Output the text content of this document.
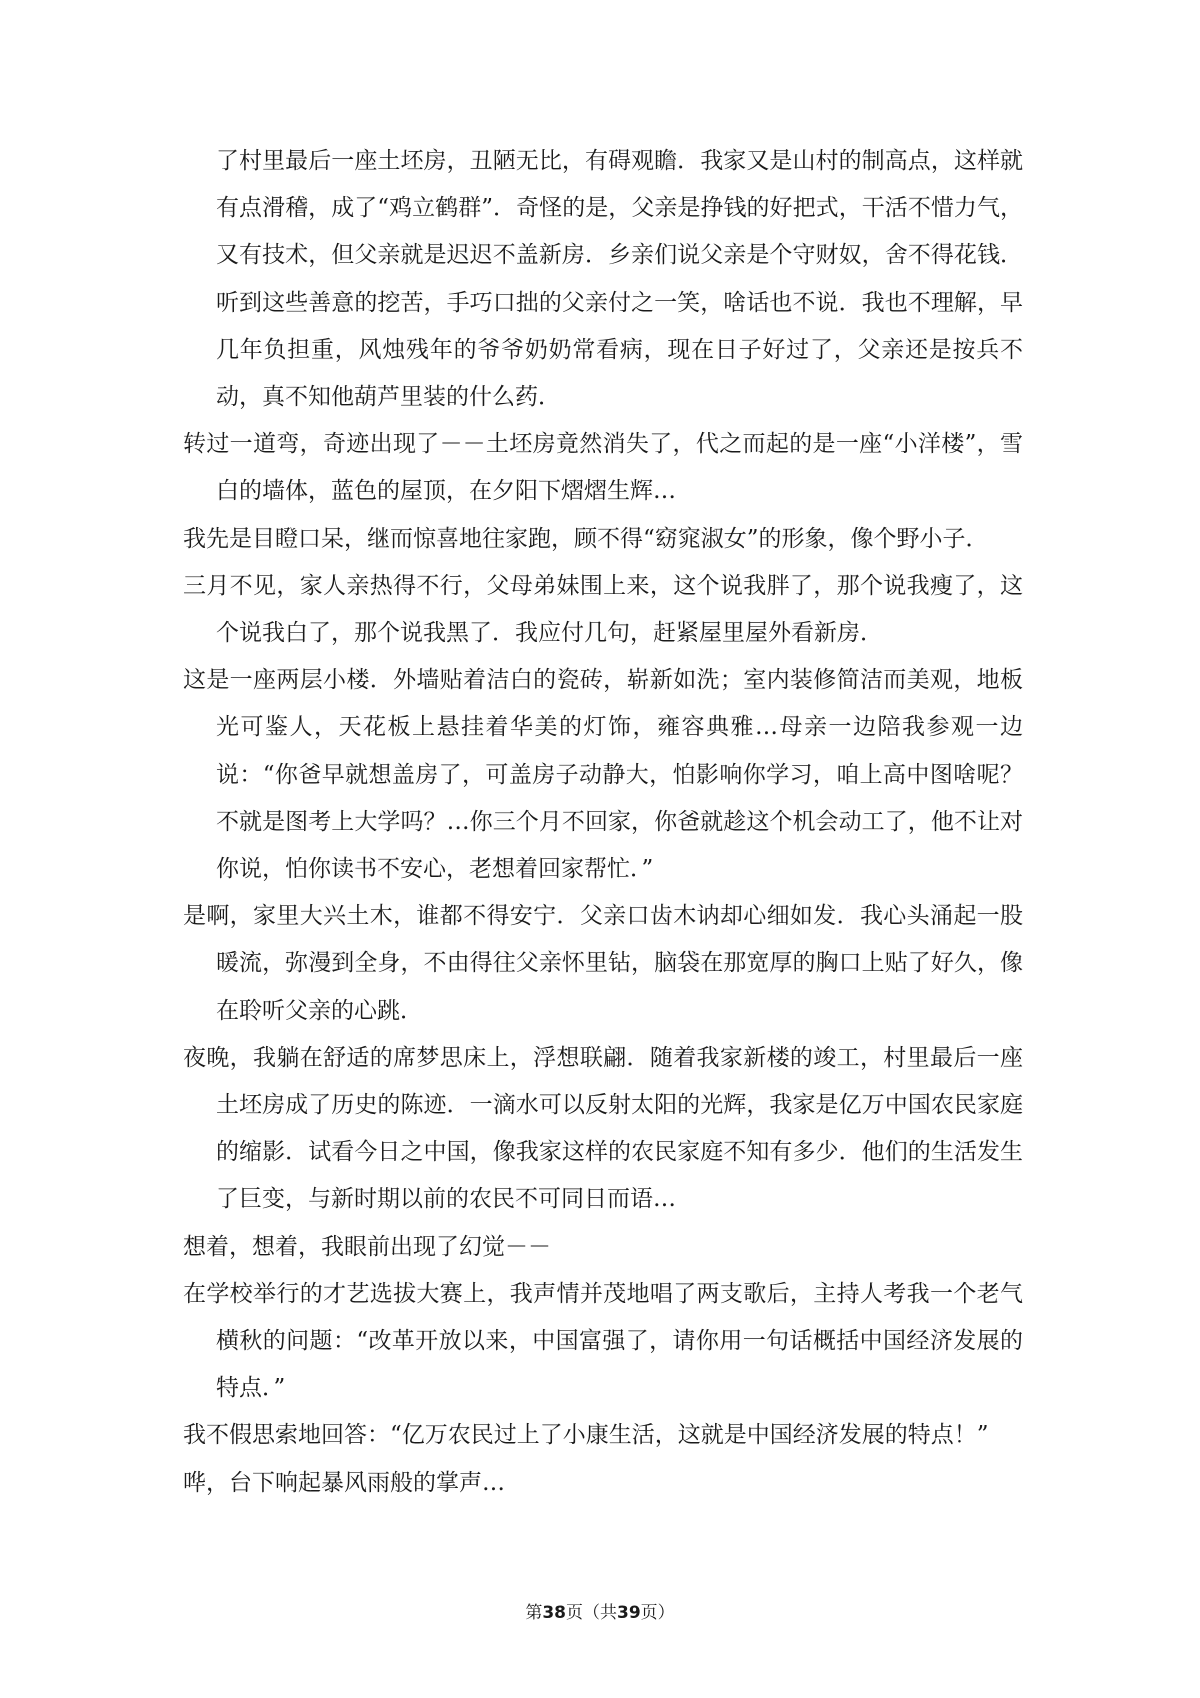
了村里最后一座土坯房，丑陋无比，有碍观瞻．我家又是山村的制高点，这样就有点滑稽，成了“鸡立鹤群”．奇怪的是，父亲是挣钱的好把式，干活不惜力气，又有技术，但父亲就是迟迟不盖新房．乡亲们说父亲是个守财奴，舍不得花钱．听到这些善意的挖苦，手巧口拙的父亲付之一笑，啥话也不说．我也不理解，早几年负担重，风烛残年的爷爷奶奶常看病，现在日子好过了，父亲还是按兵不动，真不知他葫芦里装的什么药．

转过一道弯，奇迹出现了－－土坯房竟然消失了，代之而起的是一座“小洋楼”，雪白的墙体，蓝色的屋顶，在夕阳下熠熠生辉…

我先是目瞪口呆，继而惊喜地往家跑，顾不得“窈窕淑女”的形象，像个野小子．

三月不见，家人亲热得不行，父母弟妹围上来，这个说我胖了，那个说我瘦了，这个说我白了，那个说我黑了．我应付几句，赶紧屋里屋外看新房．

这是一座两层小楼．外墙贴着洁白的瓷砖，崭新如洗；室内装修简洁而美观，地板光可鉴人，天花板上悬挂着华美的灯饰，雍容典雅…母亲一边陪我参观一边说：“你爸早就想盖房了，可盖房子动静大，怕影响你学习，咱上高中图啥呢？不就是图考上大学吗？…你三个月不回家，你爸就趁这个机会动工了，他不让对你说，怕你读书不安心，老想着回家帮忙．”

是啊，家里大兴土木，谁都不得安宁．父亲口齿木讷却心细如发．我心头涌起一股暖流，弥漫到全身，不由得往父亲怀里钻，脑袋在那宽厚的胸口上贴了好久，像在聆听父亲的心跳．

夜晚，我躺在舒适的席梦思床上，浮想联翩．随着我家新楼的竣工，村里最后一座土坯房成了历史的陈迹．一滴水可以反射太阳的光辉，我家是亿万中国农民家庭的缩影．试看今日之中国，像我家这样的农民家庭不知有多少．他们的生活发生了巨变，与新时期以前的农民不可同日而语…

想着，想着，我眼前出现了幻觉－－

在学校举行的才艺选拔大赛上，我声情并茂地唱了两支歌后，主持人考我一个老气横秋的问题：“改革开放以来，中国富强了，请你用一句话概括中国经济发展的特点．”

我不假思索地回答：“亿万农民过上了小康生活，这就是中国经济发展的特点！”

哗，台下响起暴风雨般的掌声…

第38页（共39页）
